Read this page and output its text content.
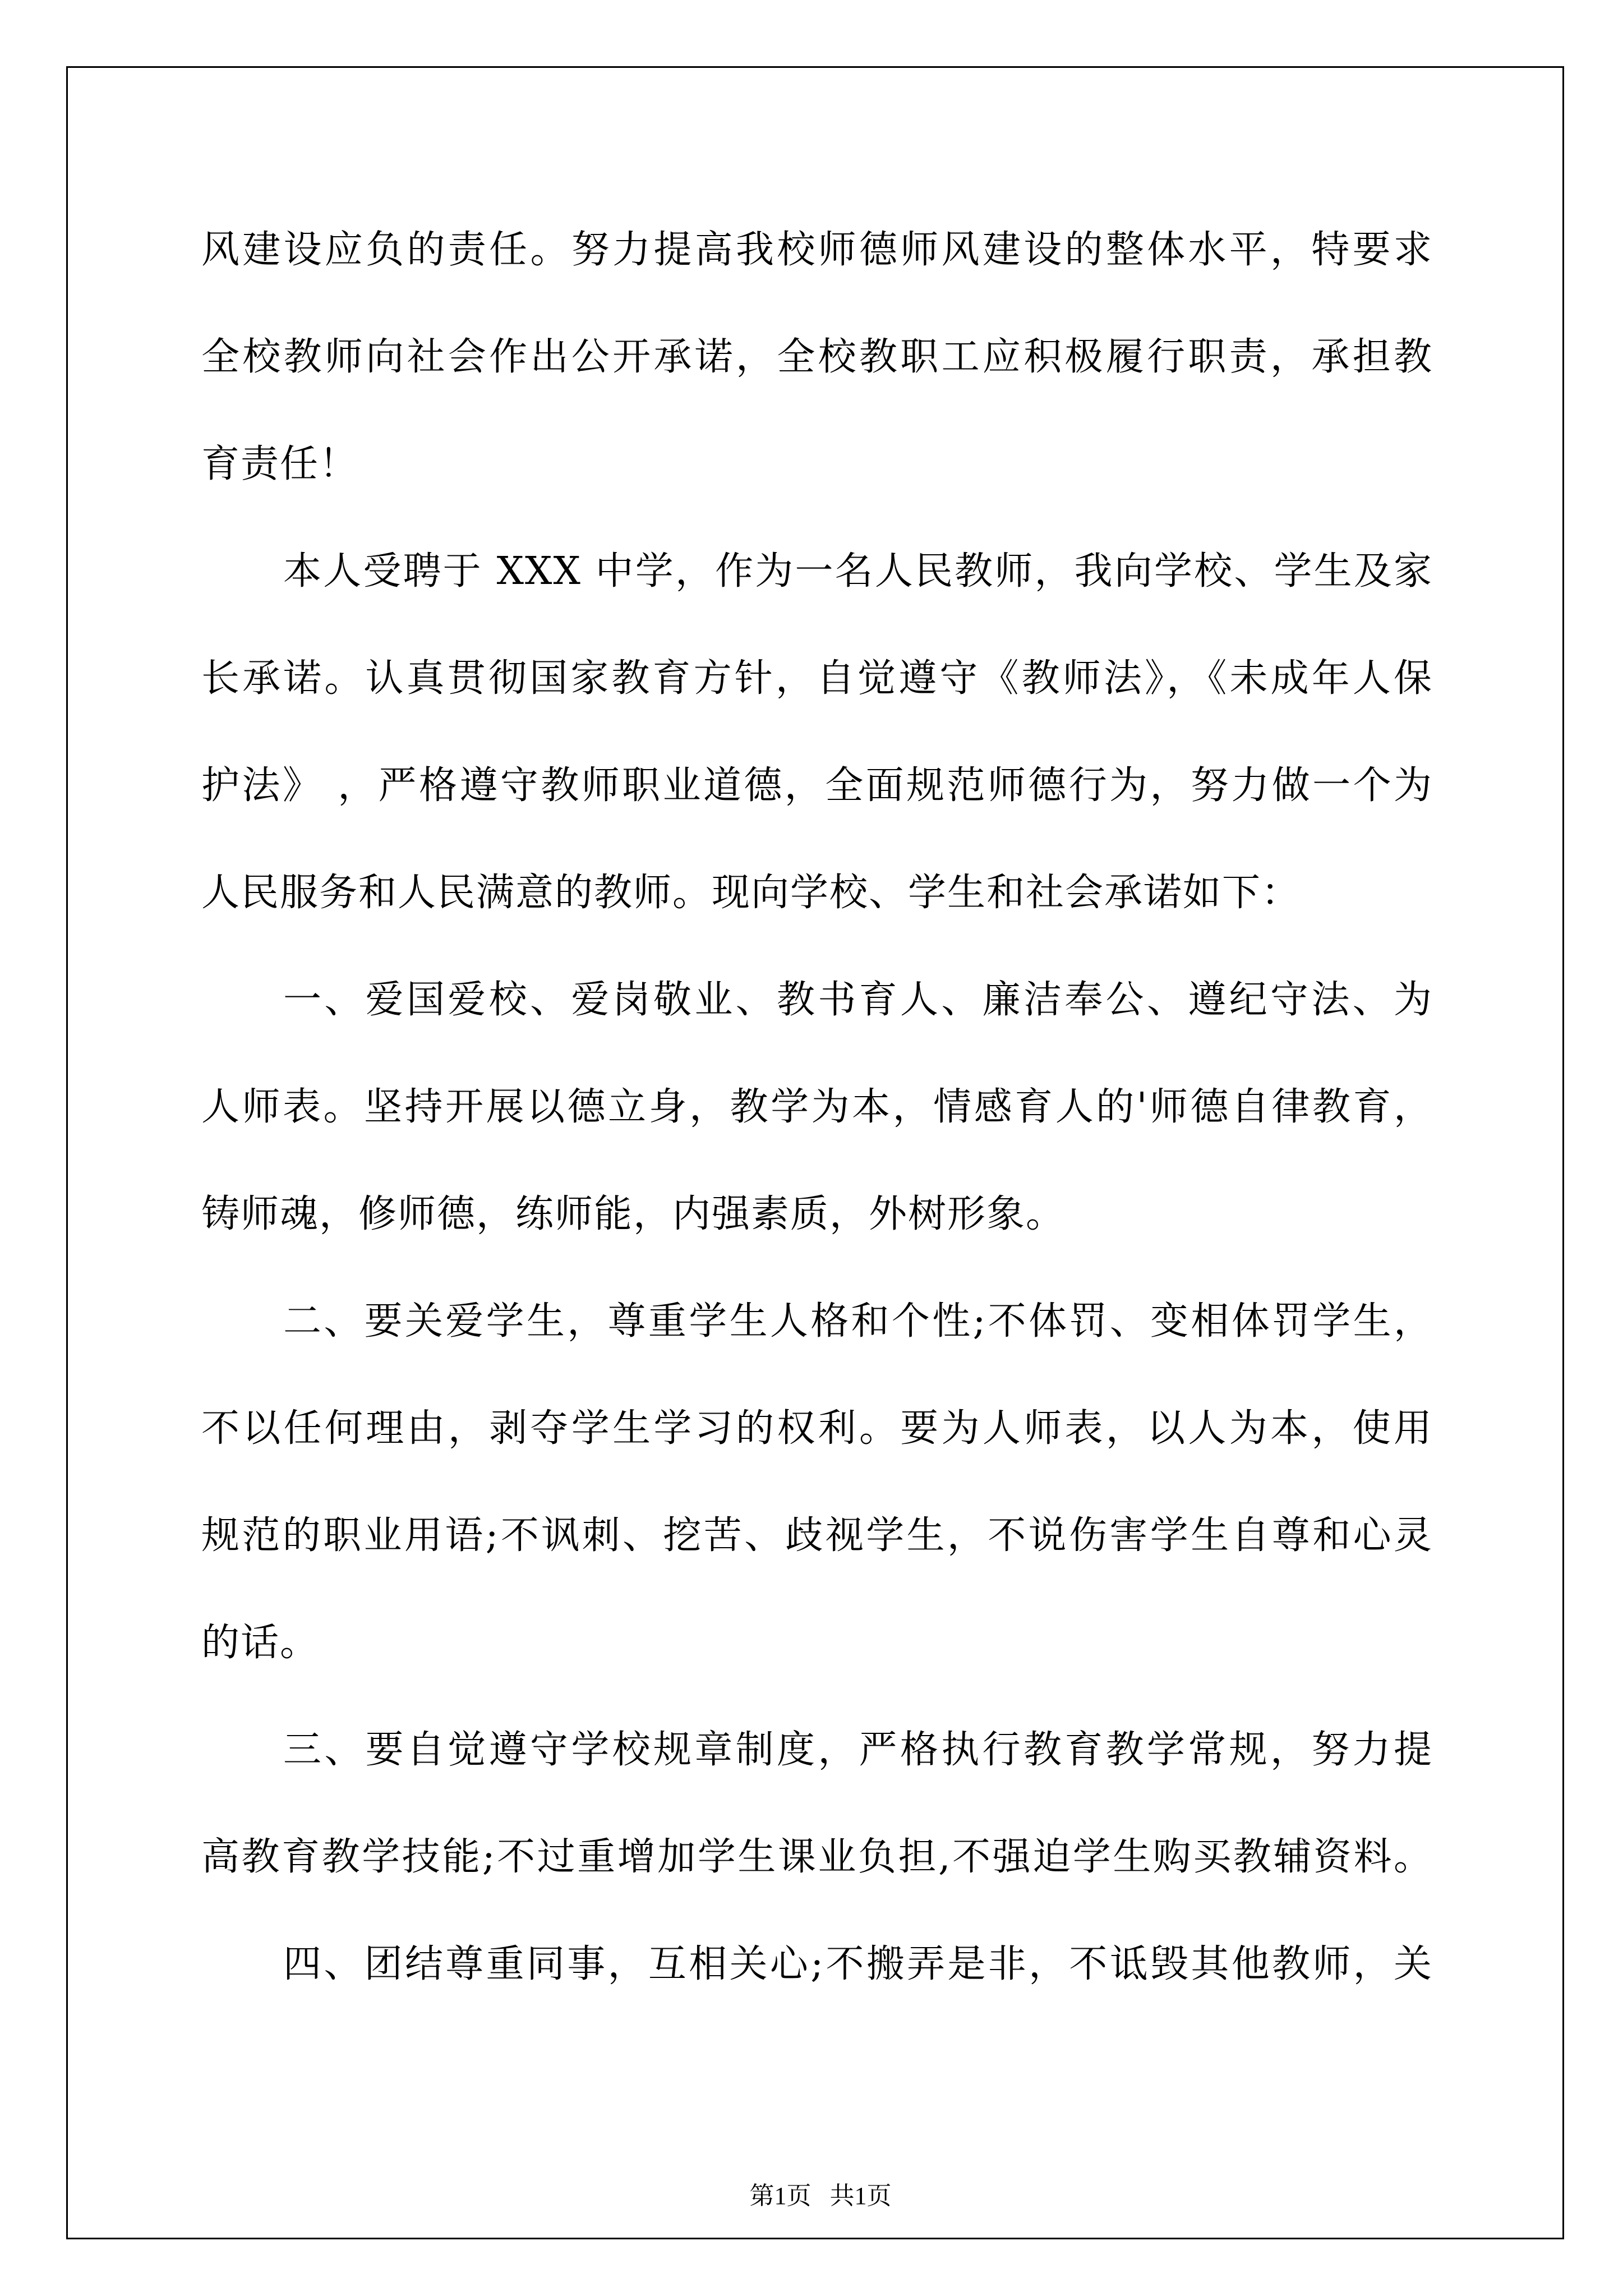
风建设应负的责任。努力提高我校师德师风建设的整体水平，特要求
全校教师向社会作出公开承诺，全校教职工应积极履行职责，承担教
育责任！
本人受聘于 XXX 中学，作为一名人民教师，我向学校、学生及家
长承诺。认真贯彻国家教育方针，自觉遵守《教师法》，《未成年人保
护法》 ，严格遵守教师职业道德，全面规范师德行为，努力做一个为
人民服务和人民满意的教师。现向学校、学生和社会承诺如下：
一、爱国爱校、爱岗敬业、教书育人、廉洁奉公、遵纪守法、为
人师表。坚持开展以德立身，教学为本，情感育人的'师德自律教育，
铸师魂，修师德，练师能，内强素质，外树形象。
二、要关爱学生，尊重学生人格和个性;不体罚、变相体罚学生，
不以任何理由，剥夺学生学习的权利。要为人师表，以人为本，使用
规范的职业用语;不讽刺、挖苦、歧视学生，不说伤害学生自尊和心灵
的话。
三、要自觉遵守学校规章制度，严格执行教育教学常规，努力提
高教育教学技能;不过重增加学生课业负担,不强迫学生购买教辅资料。
四、团结尊重同事，互相关心;不搬弄是非，不诋毁其他教师，关
第1页   共1页
